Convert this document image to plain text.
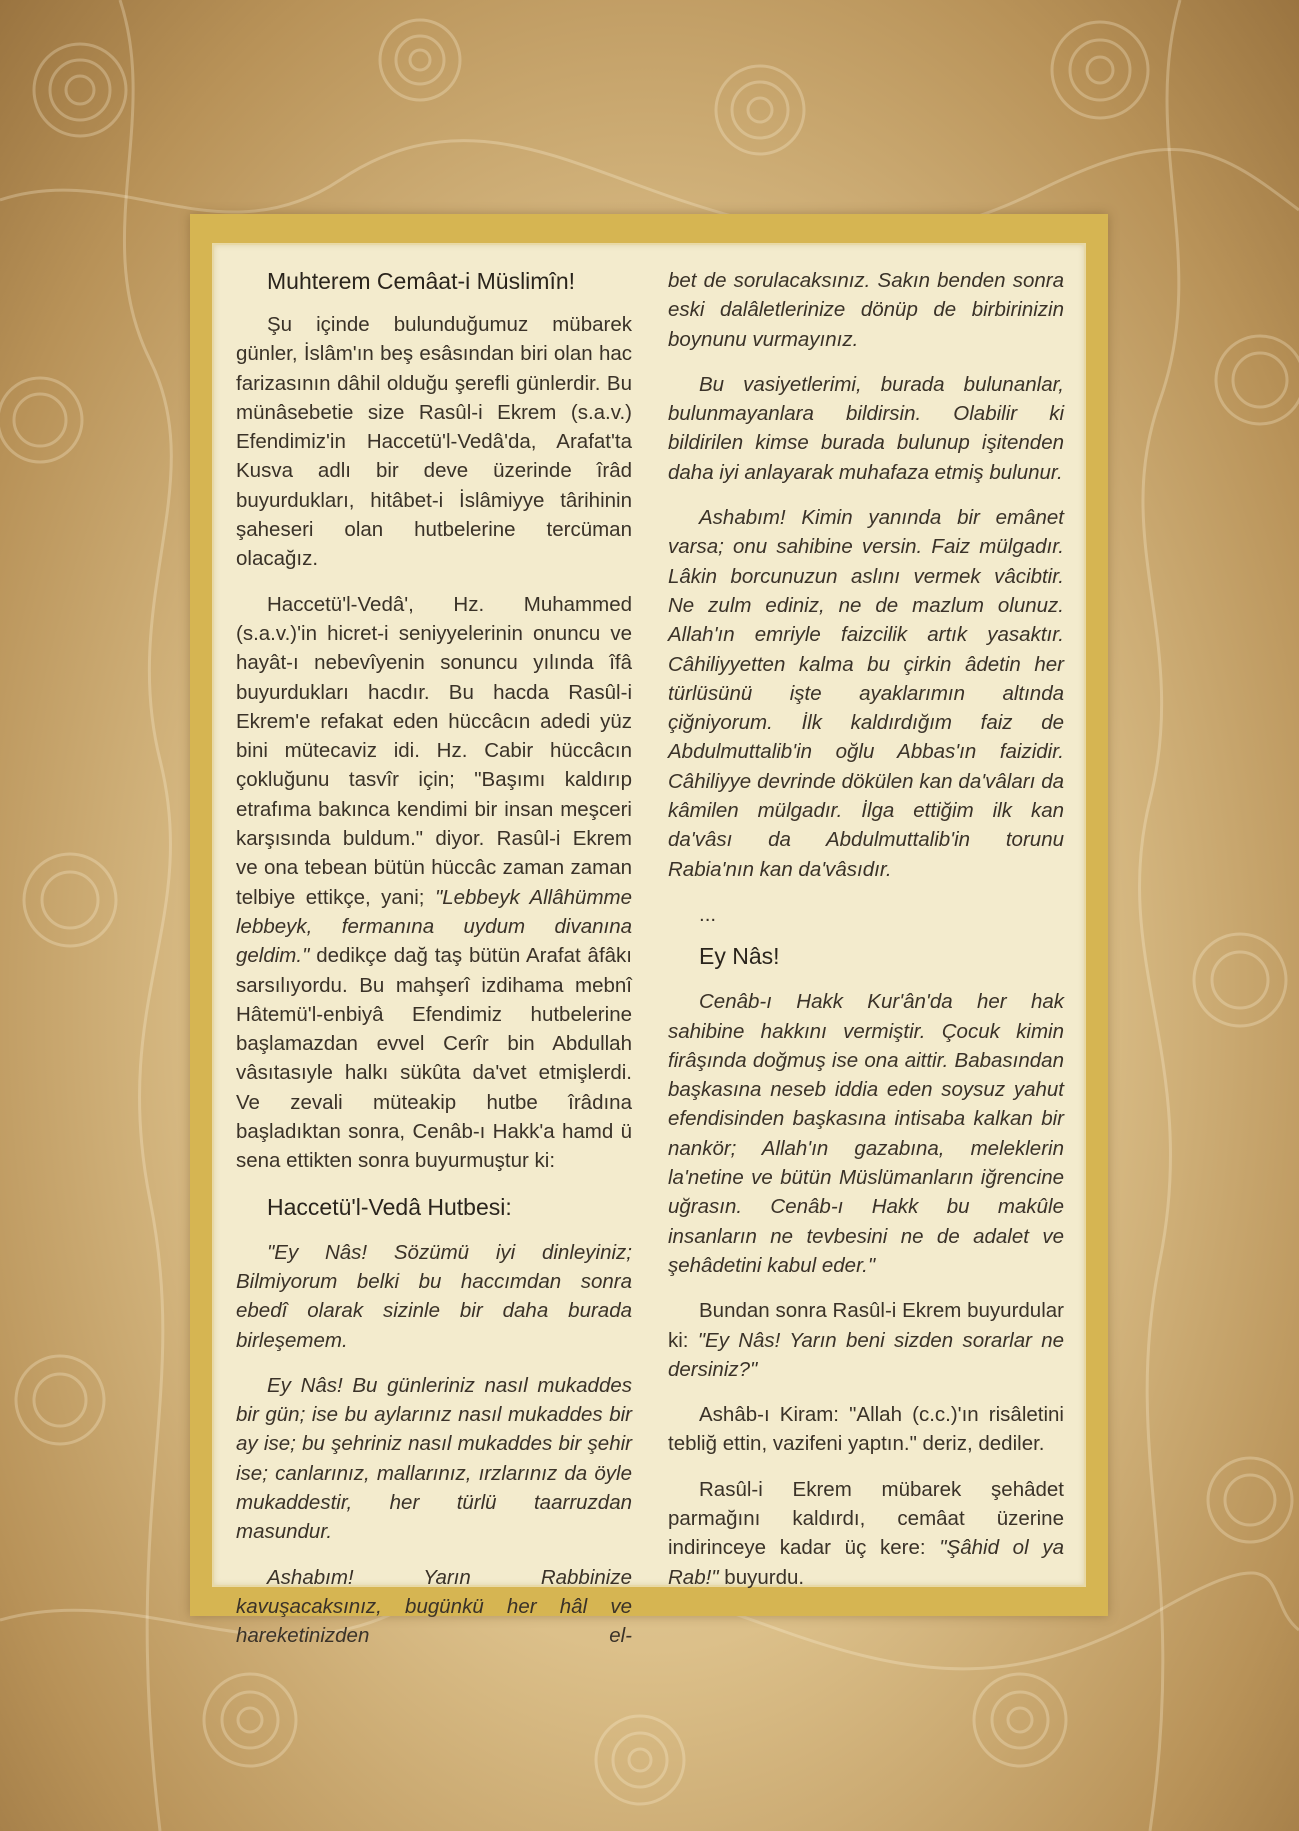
Muhterem Cemâat-i Müslimîn!

Şu içinde bulunduğumuz mübarek günler, İslâm'ın beş esâsından biri olan hac farizasının dâhil olduğu şerefli günlerdir. Bu münâsebetie size Rasûl-i Ekrem (s.a.v.) Efendimiz'in Haccetü'l-Vedâ'da, Arafat'ta Kusva adlı bir deve üzerinde îrâd buyurdukları, hitâbet-i İslâmiyye târihinin şaheseri olan hutbelerine tercüman olacağız.

Haccetü'l-Vedâ', Hz. Muhammed (s.a.v.)'in hicret-i seniyyelerinin onuncu ve hayât-ı nebevîyenin sonuncu yılında îfâ buyurdukları hacdır. Bu hacda Rasûl-i Ekrem'e refakat eden hüccâcın adedi yüz bini mütecaviz idi. Hz. Cabir hüccâcın çokluğunu tasvîr için; "Başımı kaldırıp etrafıma bakınca kendimi bir insan meşceri karşısında buldum." diyor. Rasûl-i Ekrem ve ona tebean bütün hüccâc zaman zaman telbiye ettikçe, yani; "Lebbeyk Allâhümme lebbeyk, fermanına uydum divanına geldim." dedikçe dağ taş bütün Arafat âfâkı sarsılıyordu. Bu mahşerî izdihama mebnî Hâtemü'l-enbiyâ Efendimiz hutbelerine başlamazdan evvel Cerîr bin Abdullah vâsıtasıyle halkı sükûta da'vet etmişlerdi. Ve zevali müteakip hutbe îrâdına başladıktan sonra, Cenâb-ı Hakk'a hamd ü sena ettikten sonra buyurmuştur ki:

Haccetü'l-Vedâ Hutbesi:

"Ey Nâs! Sözümü iyi dinleyiniz; Bilmiyorum belki bu haccımdan sonra ebedî olarak sizinle bir daha burada birleşemem.

Ey Nâs! Bu günleriniz nasıl mukaddes bir gün; ise bu aylarınız nasıl mukaddes bir ay ise; bu şehriniz nasıl mukaddes bir şehir ise; canlarınız, mallarınız, ırzlarınız da öyle mukaddestir, her türlü taarruzdan masundur.

Ashabım! Yarın Rabbinize kavuşacaksınız, bugünkü her hâl ve hareketinizden el-

bet de sorulacaksınız. Sakın benden sonra eski dalâletlerinize dönüp de birbirinizin boynunu vurmayınız.

Bu vasiyetlerimi, burada bulunanlar, bulunmayanlara bildirsin. Olabilir ki bildirilen kimse burada bulunup işitenden daha iyi anlayarak muhafaza etmiş bulunur.

Ashabım! Kimin yanında bir emânet varsa; onu sahibine versin. Faiz mülgadır. Lâkin borcunuzun aslını vermek vâcibtir. Ne zulm ediniz, ne de mazlum olunuz. Allah'ın emriyle faizcilik artık yasaktır. Câhiliyyetten kalma bu çirkin âdetin her türlüsünü işte ayaklarımın altında çiğniyorum. İlk kaldırdığım faiz de Abdulmuttalib'in oğlu Abbas'ın faizidir. Câhiliyye devrinde dökülen kan da'vâları da kâmilen mülgadır. İlga ettiğim ilk kan da'vâsı da Abdulmuttalib'in torunu Rabia'nın kan da'vâsıdır.

...
Ey Nâs!

Cenâb-ı Hakk Kur'ân'da her hak sahibine hakkını vermiştir. Çocuk kimin firâşında doğmuş ise ona aittir. Babasından başkasına neseb iddia eden soysuz yahut efendisinden başkasına intisaba kalkan bir nankör; Allah'ın gazabına, meleklerin la'netine ve bütün Müslümanların iğrencine uğrasın. Cenâb-ı Hakk bu makûle insanların ne tevbesini ne de adalet ve şehâdetini kabul eder."

Bundan sonra Rasûl-i Ekrem buyurdular ki: "Ey Nâs! Yarın beni sizden sorarlar ne dersiniz?"

Ashâb-ı Kiram: "Allah (c.c.)'ın risâletini tebliğ ettin, vazifeni yaptın." deriz, dediler.

Rasûl-i Ekrem mübarek şehâdet parmağını kaldırdı, cemâat üzerine indirinceye kadar üç kere: "Şâhid ol ya Rab!" buyurdu.
